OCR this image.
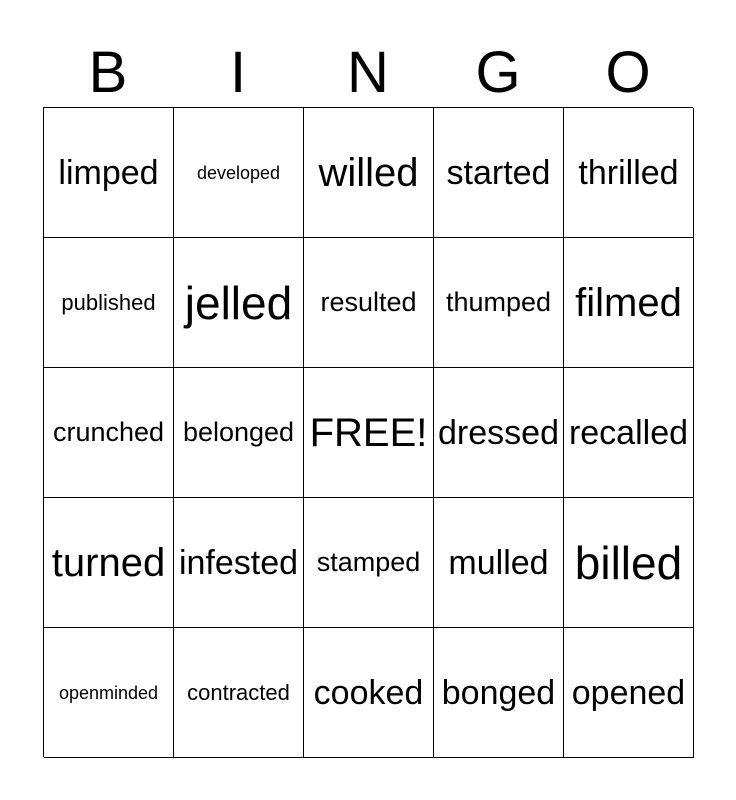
B	I	N	G	O
limped	developed willed started thrilled
published jelled	resulted	thumped filmed
crunched belonged FREE! dressed recalled
turned infested stamped mulled billed
openminded	contracted cooked bonged opened
